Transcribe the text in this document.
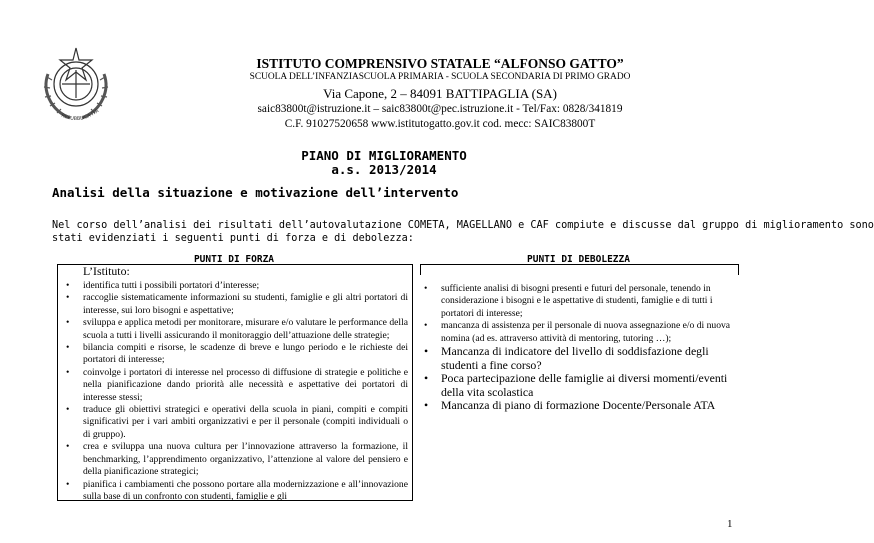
REPUBBLICA ITA
ISTITUTO COMPRENSIVO STATALE “ALFONSO GATTO”
SCUOLA DELL’INFANZIASCUOLA PRIMARIA - SCUOLA SECONDARIA DI PRIMO GRADO
Via Capone, 2 – 84091 BATTIPAGLIA (SA)
saic83800t@istruzione.it – saic83800t@pec.istruzione.it - Tel/Fax: 0828/341819
C.F. 91027520658 www.istitutogatto.gov.it cod. mecc: SAIC83800T
PIANO DI MIGLIORAMENTO
a.s. 2013/2014
Analisi della situazione e motivazione dell’intervento
Nel corso dell’analisi dei risultati dell’autovalutazione COMETA, MAGELLANO e CAF compiute e discusse dal gruppo di miglioramento sono
stati evidenziati i seguenti punti di forza e di debolezza:
PUNTI DI FORZA	PUNTI DI DEBOLEZZA
L’Istituto:
• identifica tutti i possibili portatori d’interesse;
• raccoglie sistematicamente informazioni su studenti, famiglie e gli altri portatori di interesse, sui loro bisogni e aspettative;
• sviluppa e applica metodi per monitorare, misurare e/o valutare le performance della scuola a tutti i livelli assicurando il monitoraggio dell’attuazione delle strategie;
• bilancia compiti e risorse, le scadenze di breve e lungo periodo e le richieste dei portatori di interesse;
• coinvolge i portatori di interesse nel processo di diffusione di strategie e politiche e nella pianificazione dando priorità alle necessità e aspettative dei portatori di interesse stessi;
• traduce gli obiettivi strategici e operativi della scuola in piani, compiti e compiti significativi per i vari ambiti organizzativi e per il personale (compiti individuali o di gruppo).
• crea e sviluppa una nuova cultura per l’innovazione attraverso la formazione, il benchmarking, l’apprendimento organizzativo, l’attenzione al valore del pensiero e della pianificazione strategici;
• pianifica i cambiamenti che possono portare alla modernizzazione e all’innovazione sulla base di un confronto con studenti, famiglie e gli
• sufficiente analisi di bisogni presenti e futuri del personale, tenendo in considerazione i bisogni e le aspettative di studenti, famiglie e di tutti i portatori di interesse;
• mancanza di assistenza per il personale di nuova assegnazione e/o di nuova nomina (ad es. attraverso attività di mentoring, tutoring …);
• Mancanza di indicatore del livello di soddisfazione degli studenti a fine corso?
• Poca partecipazione delle famiglie ai diversi momenti/eventi della vita scolastica
• Mancanza di piano di formazione Docente/Personale ATA
1
